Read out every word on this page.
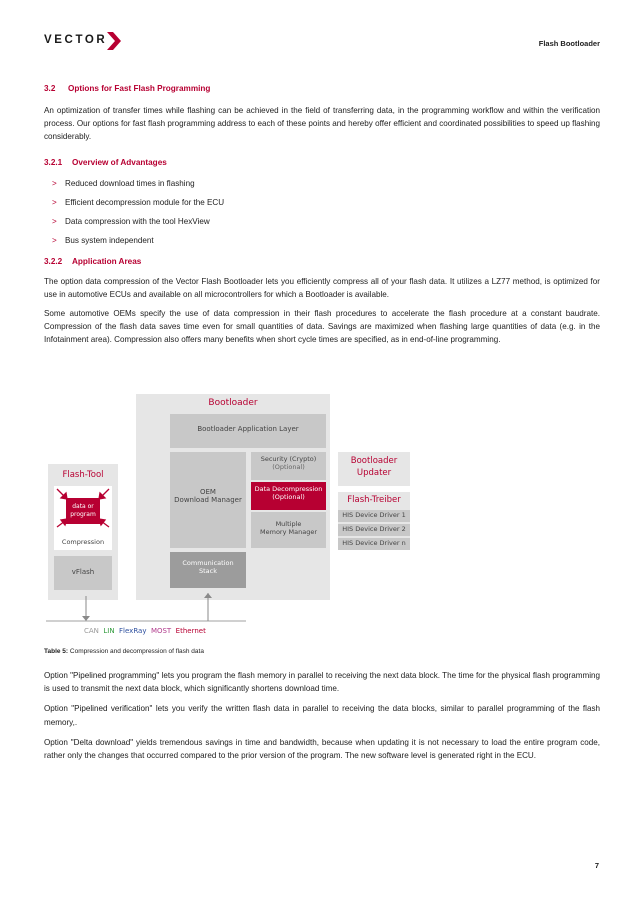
VECTOR	Flash Bootloader
3.2 Options for Fast Flash Programming

An optimization of transfer times while flashing can be achieved in the field of transferring data, in the programming workflow and within the verification process. Our options for fast flash programming address to each of these points and hereby offer efficient and coordinated possibilities to speed up flashing considerably.

3.2.1 Overview of Advantages
> Reduced download times in flashing
> Efficient decompression module for the ECU
> Data compression with the tool HexView
> Bus system independent
3.2.2 Application Areas

The option data compression of the Vector Flash Bootloader lets you efficiently compress all of your flash data. It utilizes a LZ77 method, is optimized for use in automotive ECUs and available on all microcontrollers for which a Bootloader is available.

Some automotive OEMs specify the use of data compression in their flash procedures to accelerate the flash procedure at a constant baudrate. Compression of the flash data saves time even for small quantities of data. Savings are maximized when flashing large quantities of data (e.g. in the Infotainment area). Compression also offers many benefits when short cycle times are specified, as in end-of-line programming.

Bootloader
Bootloader Application Layer
OEM
Download Manager
Security (Crypto)
(Optional)
Data Decompression
(Optional)
Multiple
Memory Manager
Communication
Stack
Flash-Tool
data or
program
Compression
vFlash
Bootloader
Updater
Flash-Treiber
HIS Device Driver 1
HIS Device Driver 2
HIS Device Driver n
CAN LIN FlexRay MOST Ethernet
Table 5: Compression and decompression of flash data

Option "Pipelined programming" lets you program the flash memory in parallel to receiving the next data block. The time for the physical flash programming is used to transmit the next data block, which significantly shortens download time.

Option "Pipelined verification" lets you verify the written flash data in parallel to receiving the data blocks, similar to parallel programming of the flash memory,.

Option "Delta download" yields tremendous savings in time and bandwidth, because when updating it is not necessary to load the entire program code, rather only the changes that occurred compared to the prior version of the program. The new software level is generated right in the ECU.

7
